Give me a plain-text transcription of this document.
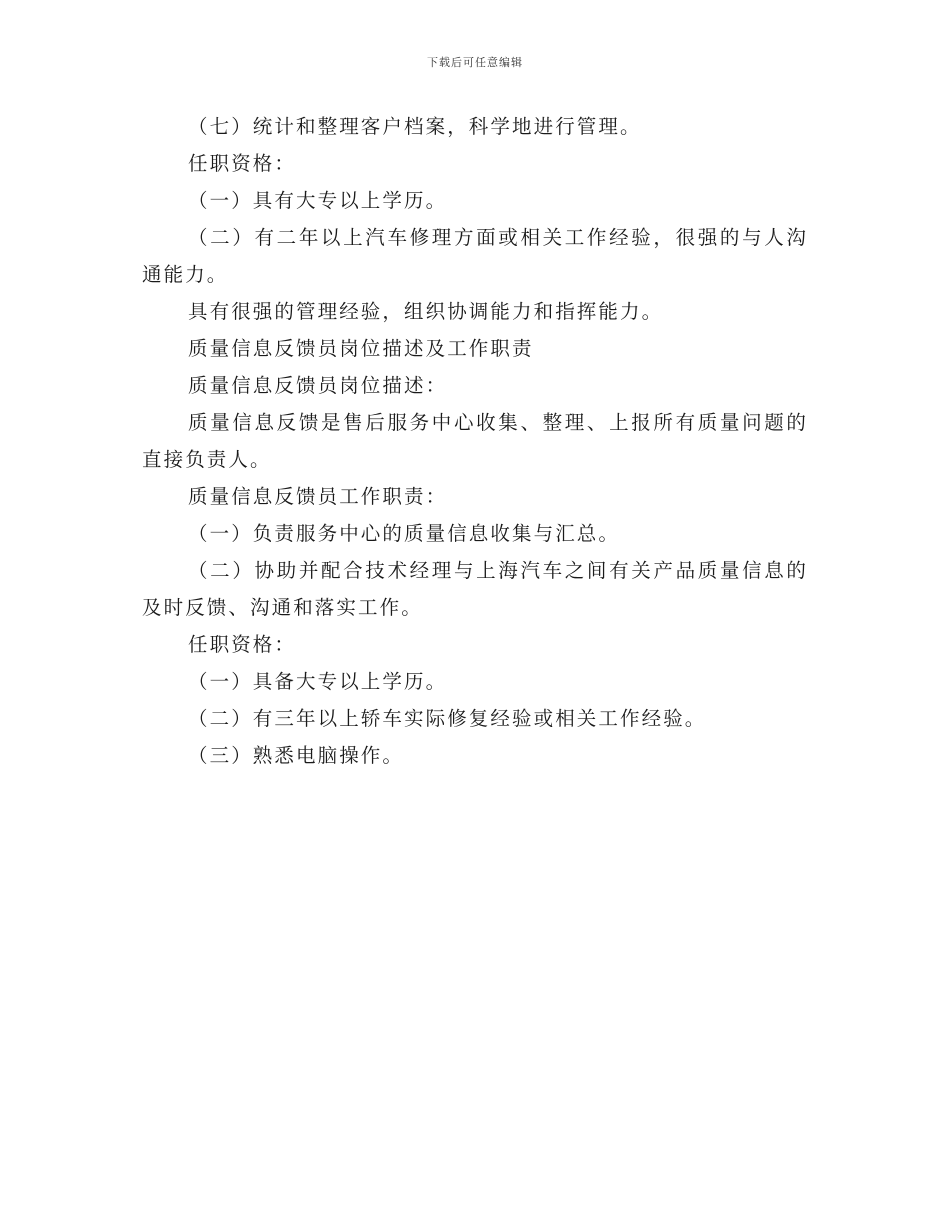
下载后可任意编辑

（七）统计和整理客户档案，科学地进行管理。

任职资格：

（一）具有大专以上学历。

（二）有二年以上汽车修理方面或相关工作经验，很强的与人沟通能力。

具有很强的管理经验，组织协调能力和指挥能力。

质量信息反馈员岗位描述及工作职责

质量信息反馈员岗位描述：

质量信息反馈是售后服务中心收集、整理、上报所有质量问题的直接负责人。

质量信息反馈员工作职责：

（一）负责服务中心的质量信息收集与汇总。

（二）协助并配合技术经理与上海汽车之间有关产品质量信息的及时反馈、沟通和落实工作。

任职资格：

（一）具备大专以上学历。

（二）有三年以上轿车实际修复经验或相关工作经验。

（三）熟悉电脑操作。
